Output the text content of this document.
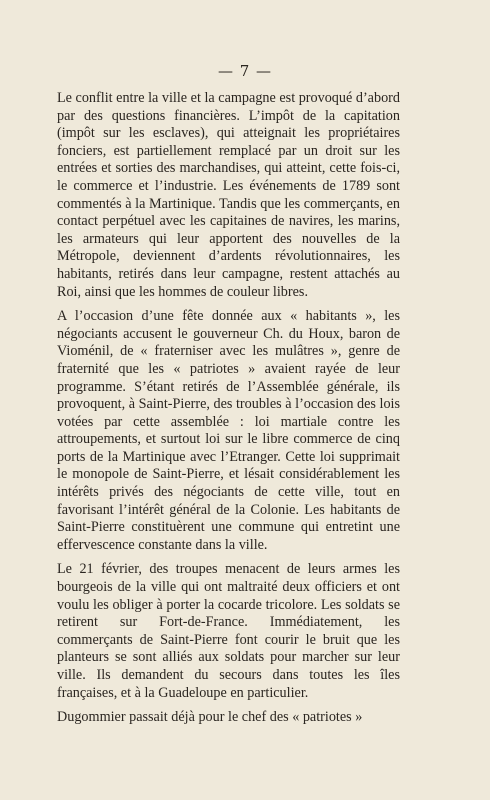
— 7 —

Le conflit entre la ville et la campagne est provoqué d’abord par des questions financières. L’impôt de la capitation (impôt sur les esclaves), qui atteignait les propriétaires fonciers, est partiellement remplacé par un droit sur les entrées et sorties des marchandises, qui atteint, cette fois-ci, le commerce et l’industrie. Les événements de 1789 sont commentés à la Martinique. Tandis que les commerçants, en contact perpétuel avec les capitaines de navires, les marins, les armateurs qui leur apportent des nouvelles de la Métropole, deviennent d’ardents révolutionnaires, les habitants, retirés dans leur campagne, restent attachés au Roi, ainsi que les hommes de couleur libres.

A l’occasion d’une fête donnée aux « habitants », les négociants accusent le gouverneur Ch. du Houx, baron de Vioménil, de « fraterniser avec les mulâtres », genre de fraternité que les « patriotes » avaient rayée de leur programme. S’étant retirés de l’Assemblée générale, ils provoquent, à Saint-Pierre, des troubles à l’occasion des lois votées par cette assemblée : loi martiale contre les attroupements, et surtout loi sur le libre commerce de cinq ports de la Martinique avec l’Etranger. Cette loi supprimait le monopole de Saint-Pierre, et lésait considérablement les intérêts privés des négociants de cette ville, tout en favorisant l’intérêt général de la Colonie. Les habitants de Saint-Pierre constituèrent une commune qui entretint une effervescence constante dans la ville.

Le 21 février, des troupes menacent de leurs armes les bourgeois de la ville qui ont maltraité deux officiers et ont voulu les obliger à porter la cocarde tricolore. Les soldats se retirent sur Fort-de-France. Immédiatement, les commerçants de Saint-Pierre font courir le bruit que les planteurs se sont alliés aux soldats pour marcher sur leur ville. Ils demandent du secours dans toutes les îles françaises, et à la Guadeloupe en particulier.

Dugommier passait déjà pour le chef des « patriotes »
